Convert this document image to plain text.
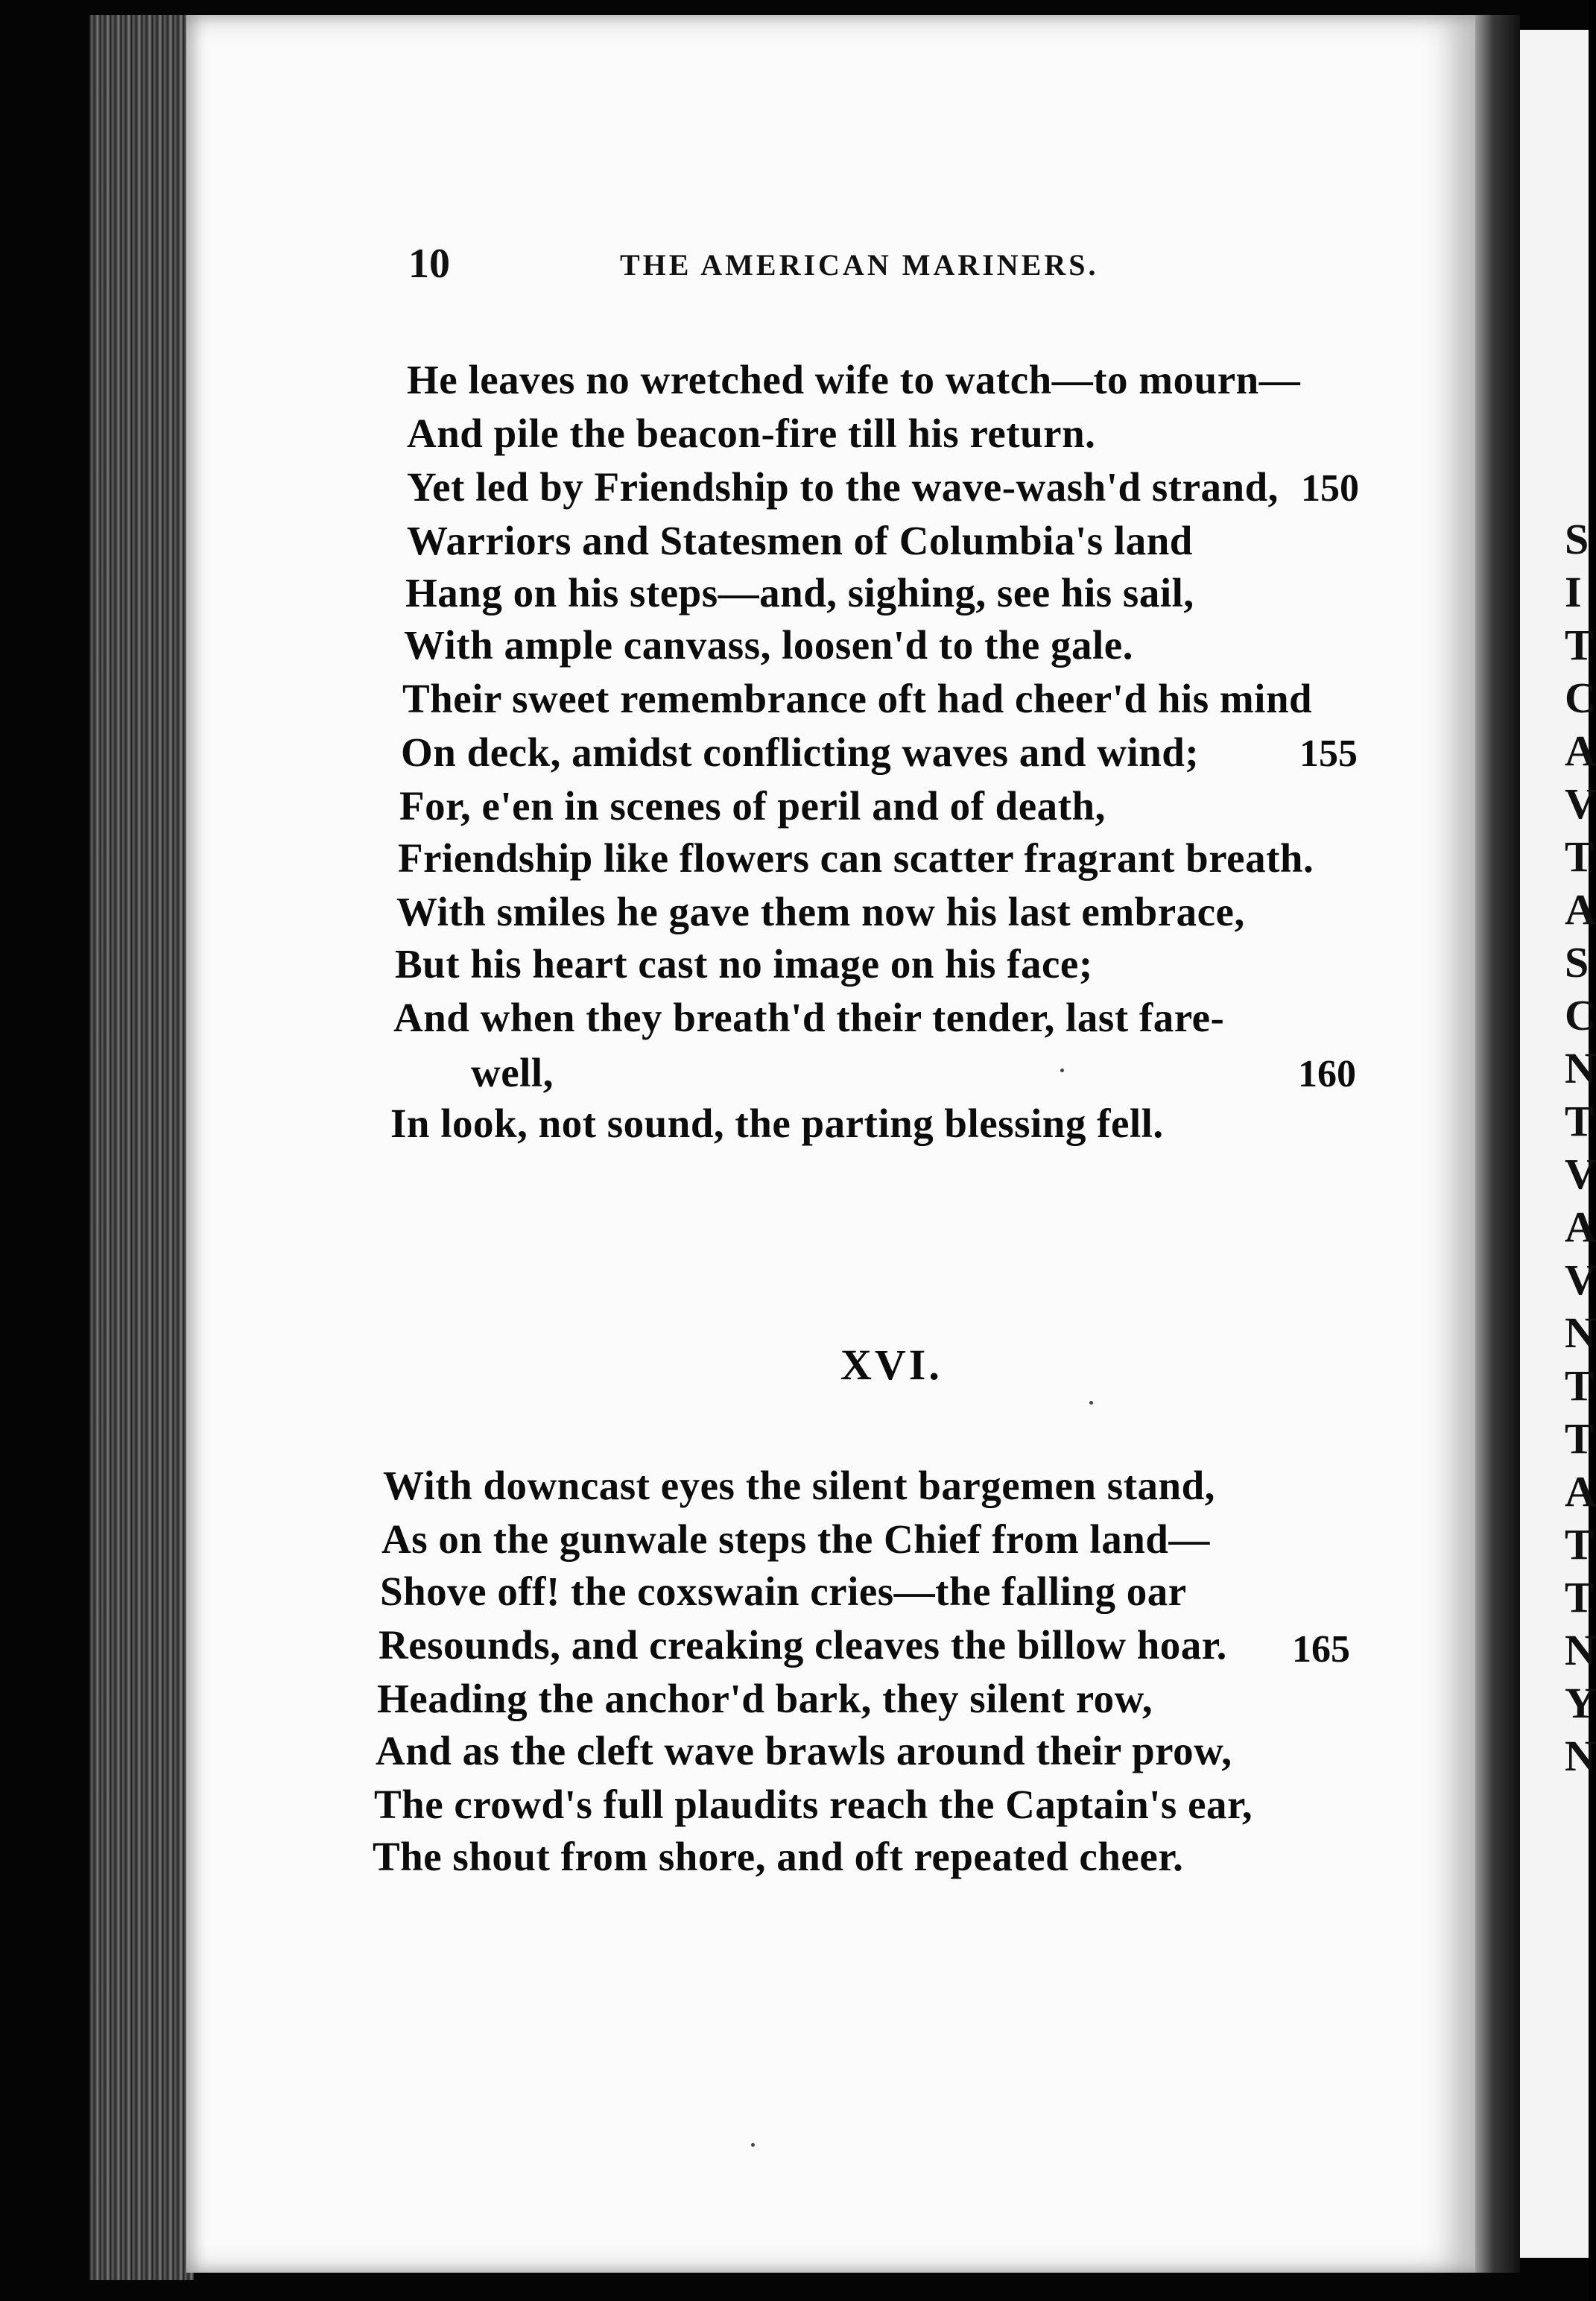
10	THE AMERICAN MARINERS.
He leaves no wretched wife to watch—to mourn—
And pile the beacon-fire till his return.
Yet led by Friendship to the wave-wash'd strand, 150
Warriors and Statesmen of Columbia's land
Hang on his steps—and, sighing, see his sail,
With ample canvass, loosen'd to the gale.
Their sweet remembrance oft had cheer'd his mind
On deck, amidst conflicting waves and wind;	155
For, e'en in scenes of peril and of death,
Friendship like flowers can scatter fragrant breath.
With smiles he gave them now his last embrace,
But his heart cast no image on his face;
And when they breath'd their tender, last fare-
well,	160
In look, not sound, the parting blessing fell.
XVI.
With downcast eyes the silent bargemen stand,
As on the gunwale steps the Chief from land—
Shove off! the coxswain cries—the falling oar
Resounds, and creaking cleaves the billow hoar. 165
Heading the anchor'd bark, they silent row,
And as the cleft wave brawls around their prow,
The crowd's full plaudits reach the Captain's ear,
The shout from shore, and oft repeated cheer.
S
I
T
C
A
V
T
A
S
C
N
T
V
A
V
N
T
T
A
T
T
N
Y
N
